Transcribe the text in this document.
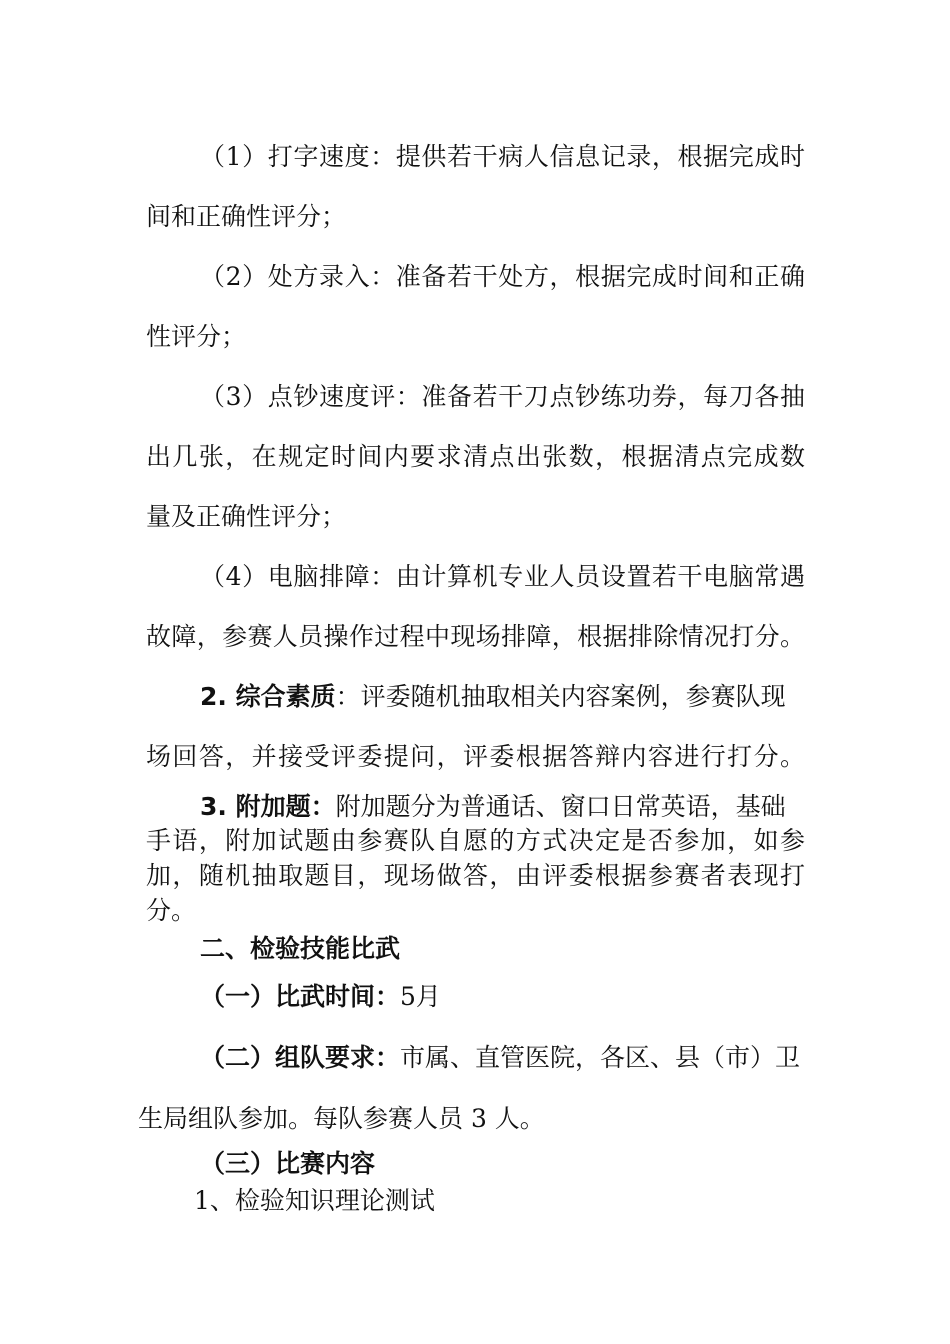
（1）打字速度：提供若干病人信息记录，根据完成时
间和正确性评分；
（2）处方录入：准备若干处方，根据完成时间和正确
性评分；
（3）点钞速度评：准备若干刀点钞练功券，每刀各抽
出几张，在规定时间内要求清点出张数，根据清点完成数
量及正确性评分；
（4）电脑排障：由计算机专业人员设置若干电脑常遇
故障，参赛人员操作过程中现场排障，根据排除情况打分。
2. 综合素质：评委随机抽取相关内容案例，参赛队现
场回答，并接受评委提问，评委根据答辩内容进行打分。
3. 附加题：附加题分为普通话、窗口日常英语，基础
手语，附加试题由参赛队自愿的方式决定是否参加，如参
加，随机抽取题目，现场做答，由评委根据参赛者表现打
分。
二、检验技能比武
（一）比武时间：5月
（二）组队要求：市属、直管医院，各区、县（市）卫
生局组队参加。每队参赛人员 3 人。
（三）比赛内容
1、检验知识理论测试
